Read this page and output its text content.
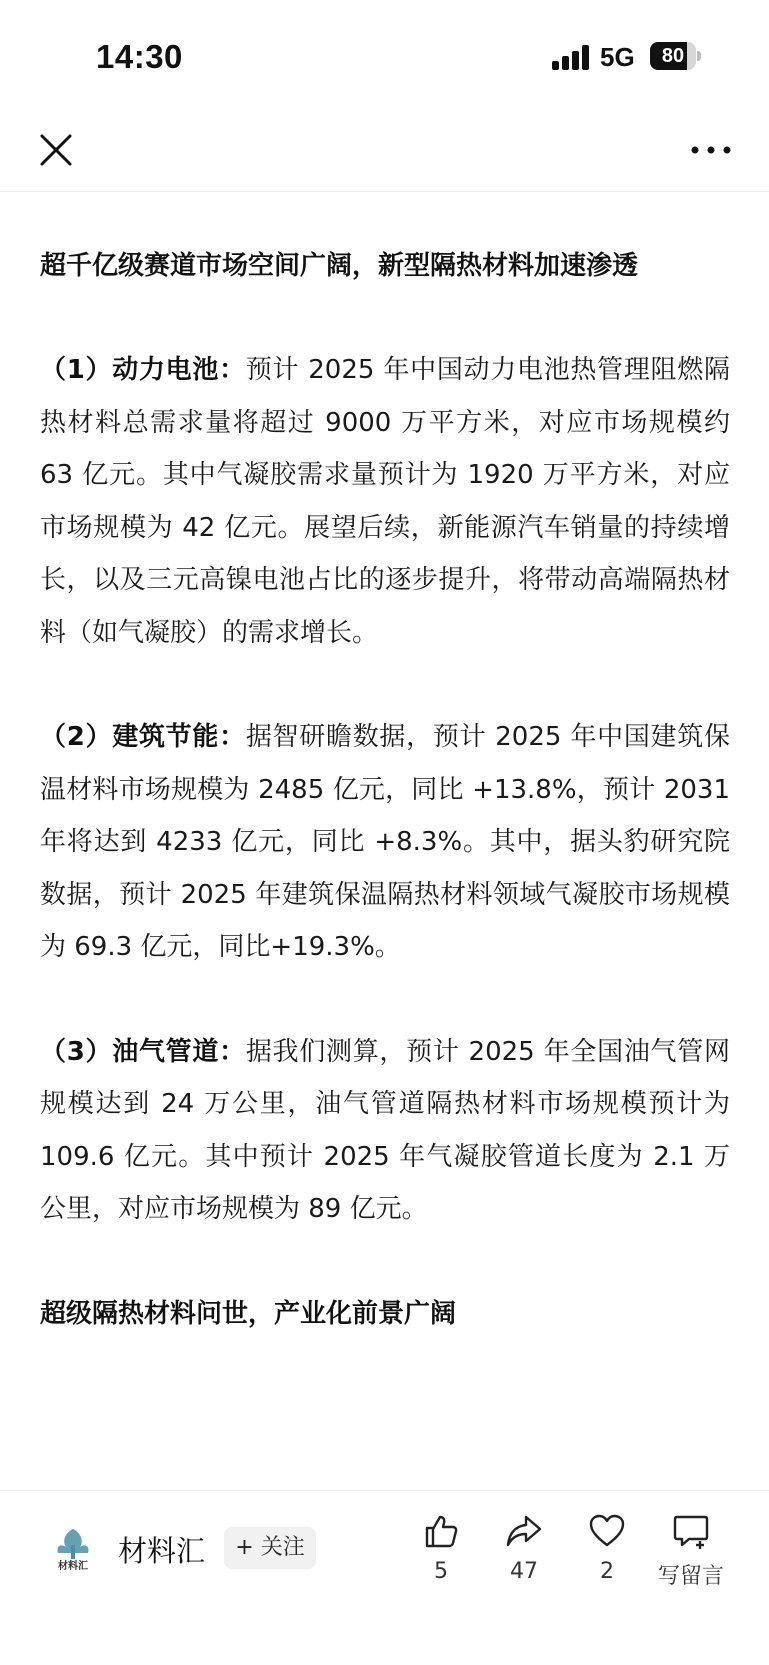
14:30	5G	80
超千亿级赛道市场空间广阔，新型隔热材料加速渗透
（1）动力电池：预计 2025 年中国动力电池热管理阻燃隔热材料总需求量将超过 9000 万平方米，对应市场规模约 63 亿元。其中气凝胶需求量预计为 1920 万平方米，对应市场规模为 42 亿元。展望后续，新能源汽车销量的持续增长，以及三元高镍电池占比的逐步提升，将带动高端隔热材料（如气凝胶）的需求增长。
（2）建筑节能：据智研瞻数据，预计 2025 年中国建筑保温材料市场规模为 2485 亿元，同比 +13.8%，预计 2031 年将达到 4233 亿元，同比 +8.3%。其中，据头豹研究院数据，预计 2025 年建筑保温隔热材料领域气凝胶市场规模为 69.3 亿元，同比+19.3%。
（3）油气管道：据我们测算，预计 2025 年全国油气管网规模达到 24 万公里，油气管道隔热材料市场规模预计为 109.6 亿元。其中预计 2025 年气凝胶管道长度为 2.1 万公里，对应市场规模为 89 亿元。
超级隔热材料问世，产业化前景广阔
材料汇 材料汇	+ 关注
5	47	2	写留言
